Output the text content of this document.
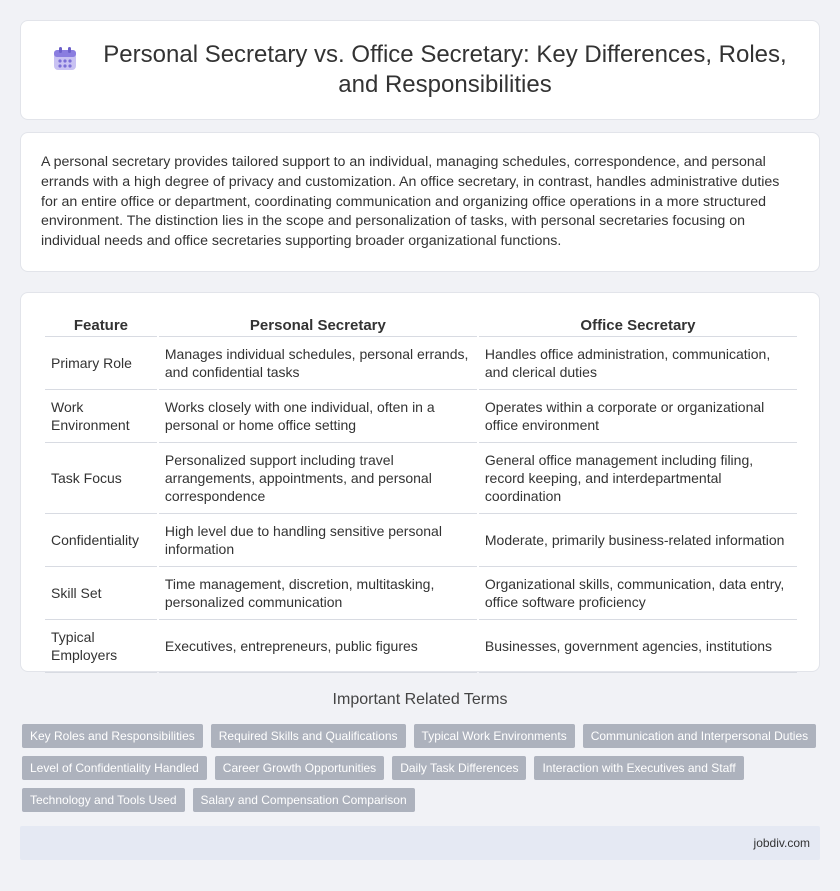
Personal Secretary vs. Office Secretary: Key Differences, Roles, and Responsibilities

A personal secretary provides tailored support to an individual, managing schedules, correspondence, and personal errands with a high degree of privacy and customization. An office secretary, in contrast, handles administrative duties for an entire office or department, coordinating communication and organizing office operations in a more structured environment. The distinction lies in the scope and personalization of tasks, with personal secretaries focusing on individual needs and office secretaries supporting broader organizational functions.

Feature	Personal Secretary	Office Secretary
Primary Role	Manages individual schedules, personal errands, and confidential tasks	Handles office administration, communication, and clerical duties
Work Environment	Works closely with one individual, often in a personal or home office setting	Operates within a corporate or organizational office environment
Task Focus	Personalized support including travel arrangements, appointments, and personal correspondence	General office management including filing, record keeping, and interdepartmental coordination
Confidentiality	High level due to handling sensitive personal information	Moderate, primarily business-related information
Skill Set	Time management, discretion, multitasking, personalized communication	Organizational skills, communication, data entry, office software proficiency
Typical Employers	Executives, entrepreneurs, public figures	Businesses, government agencies, institutions
Important Related Terms
Key Roles and Responsibilities	Required Skills and Qualifications	Typical Work Environments	Communication and Interpersonal Duties
Level of Confidentiality Handled	Career Growth Opportunities	Daily Task Differences	Interaction with Executives and Staff
Technology and Tools Used	Salary and Compensation Comparison
jobdiv.com
